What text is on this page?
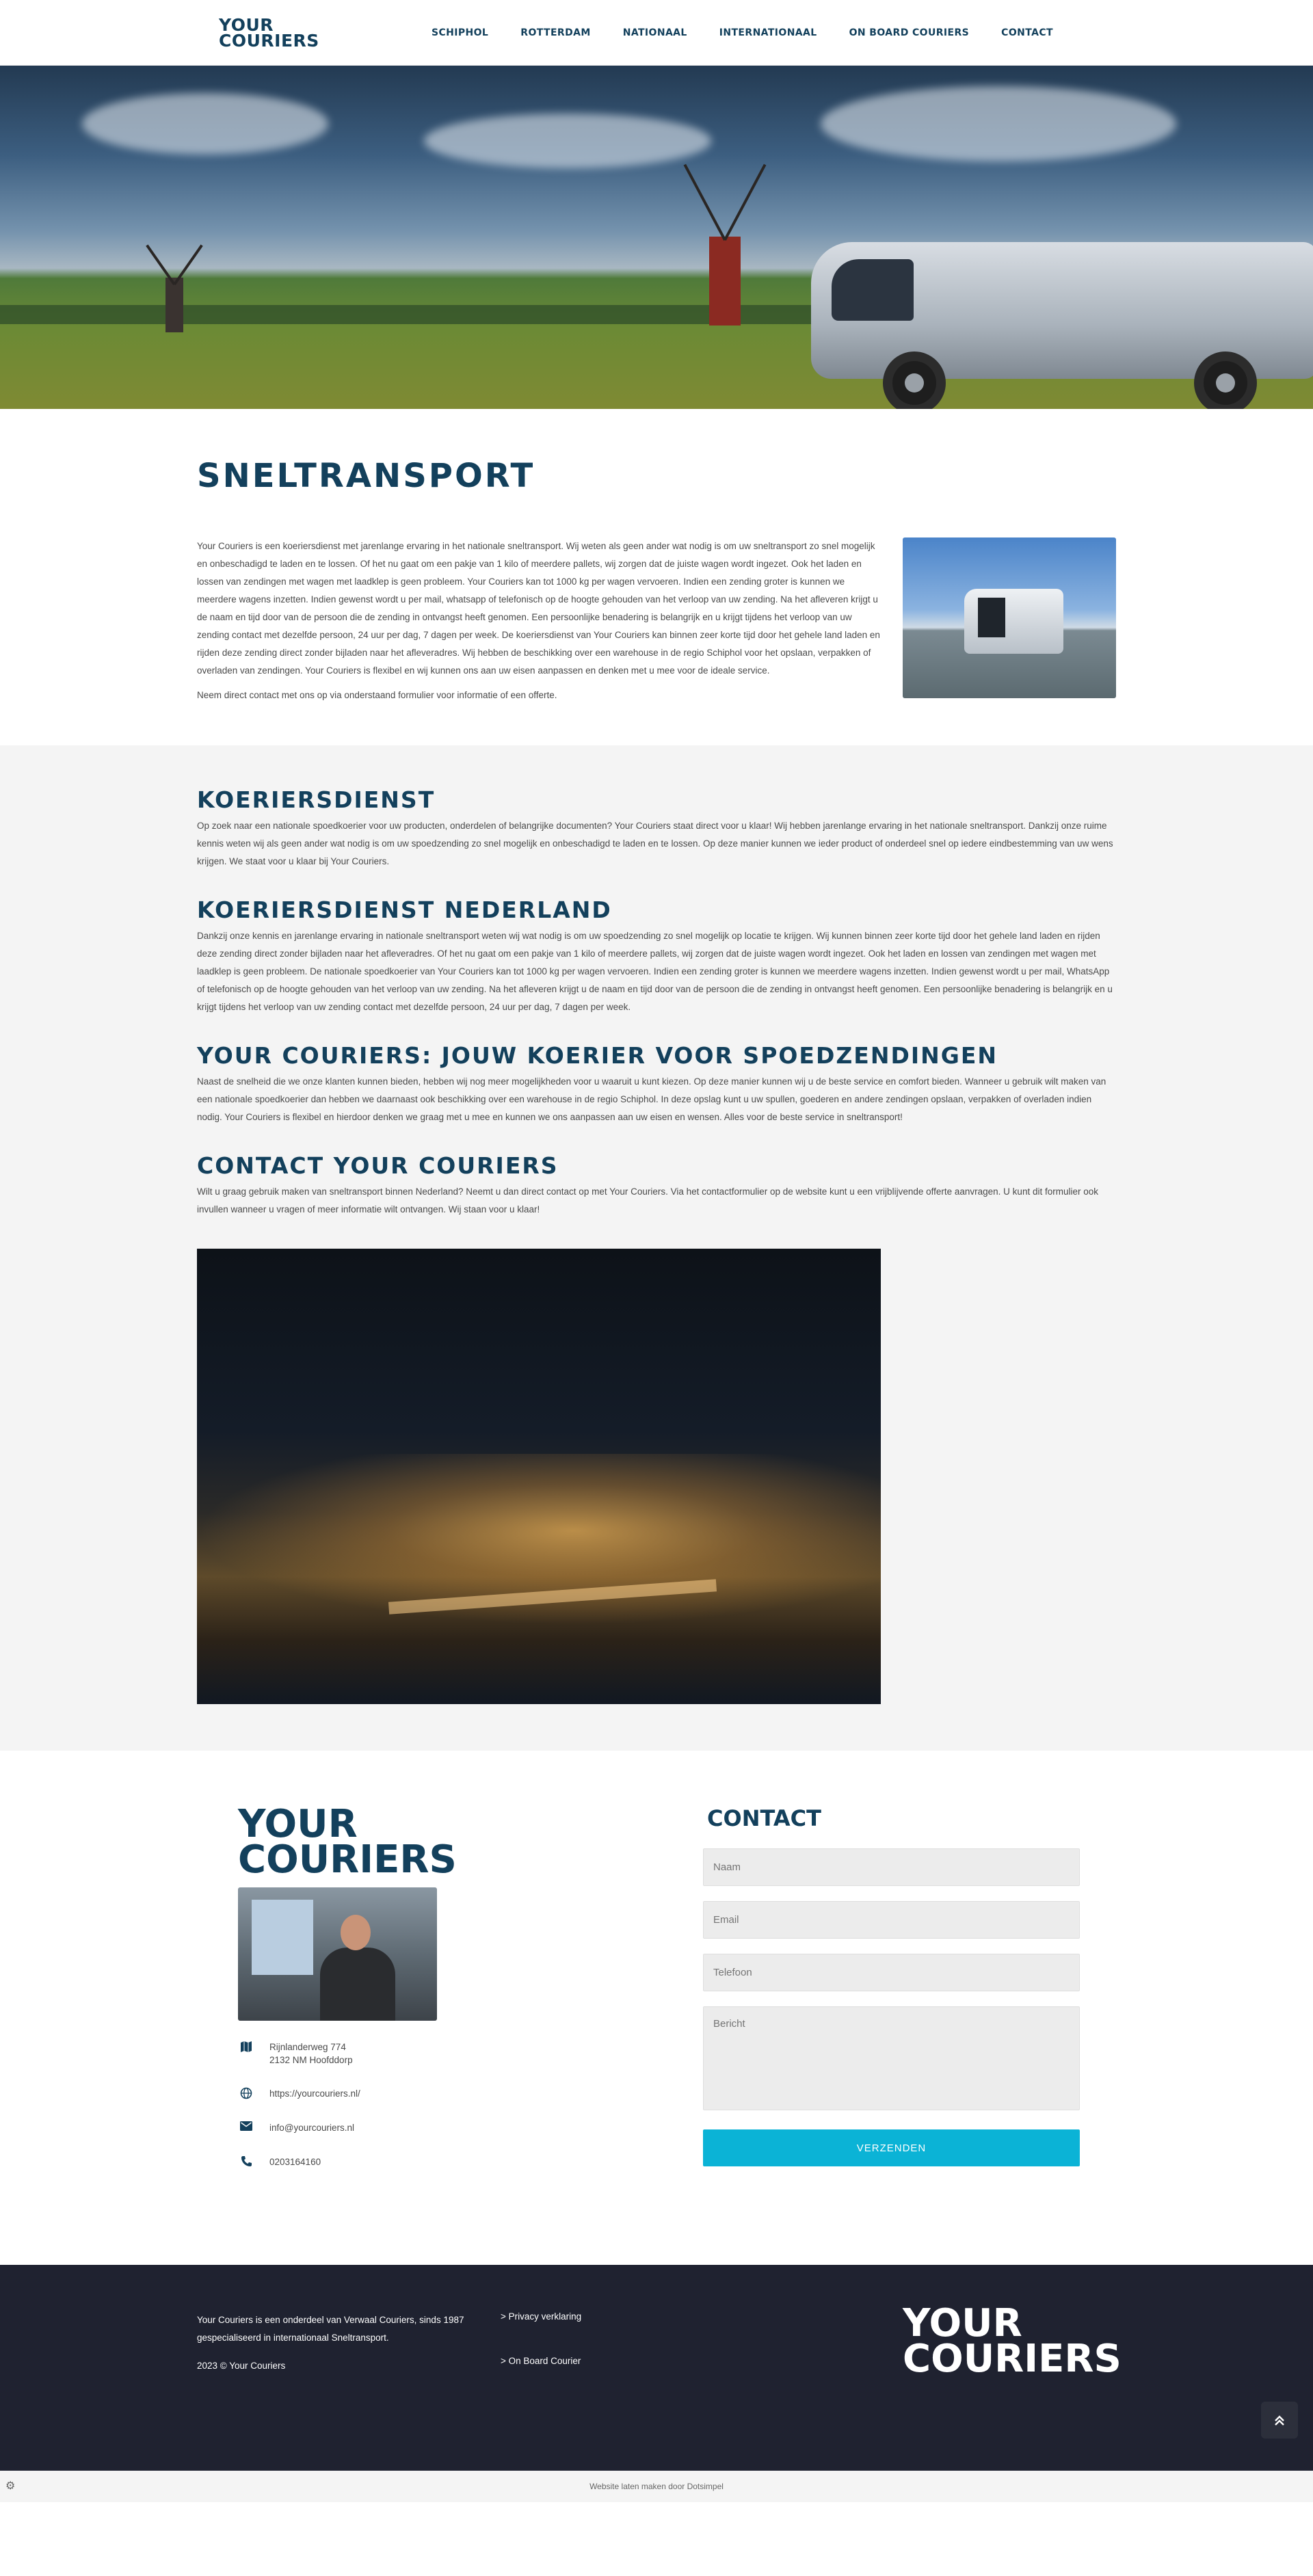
YOUR
COURIERS	SCHIPHOL	ROTTERDAM	NATIONAAL	INTERNATIONAAL	ON BOARD COURIERS	CONTACT
SNELTRANSPORT

Your Couriers is een koeriersdienst met jarenlange ervaring in het nationale sneltransport. Wij weten als geen ander wat nodig is om uw sneltransport zo snel mogelijk en onbeschadigd te laden en te lossen. Of het nu gaat om een pakje van 1 kilo of meerdere pallets, wij zorgen dat de juiste wagen wordt ingezet. Ook het laden en lossen van zendingen met wagen met laadklep is geen probleem. Your Couriers kan tot 1000 kg per wagen vervoeren. Indien een zending groter is kunnen we meerdere wagens inzetten. Indien gewenst wordt u per mail, whatsapp of telefonisch op de hoogte gehouden van het verloop van uw zending. Na het afleveren krijgt u de naam en tijd door van de persoon die de zending in ontvangst heeft genomen. Een persoonlijke benadering is belangrijk en u krijgt tijdens het verloop van uw zending contact met dezelfde persoon, 24 uur per dag, 7 dagen per week. De koeriersdienst van Your Couriers kan binnen zeer korte tijd door het gehele land laden en rijden deze zending direct zonder bijladen naar het afleveradres. Wij hebben de beschikking over een warehouse in de regio Schiphol voor het opslaan, verpakken of overladen van zendingen. Your Couriers is flexibel en wij kunnen ons aan uw eisen aanpassen en denken met u mee voor de ideale service.

Neem direct contact met ons op via onderstaand formulier voor informatie of een offerte.

KOERIERSDIENST

Op zoek naar een nationale spoedkoerier voor uw producten, onderdelen of belangrijke documenten? Your Couriers staat direct voor u klaar! Wij hebben jarenlange ervaring in het nationale sneltransport. Dankzij onze ruime kennis weten wij als geen ander wat nodig is om uw spoedzending zo snel mogelijk en onbeschadigd te laden en te lossen. Op deze manier kunnen we ieder product of onderdeel snel op iedere eindbestemming van uw wens krijgen. We staat voor u klaar bij Your Couriers.

KOERIERSDIENST NEDERLAND

Dankzij onze kennis en jarenlange ervaring in nationale sneltransport weten wij wat nodig is om uw spoedzending zo snel mogelijk op locatie te krijgen. Wij kunnen binnen zeer korte tijd door het gehele land laden en rijden deze zending direct zonder bijladen naar het afleveradres. Of het nu gaat om een pakje van 1 kilo of meerdere pallets, wij zorgen dat de juiste wagen wordt ingezet. Ook het laden en lossen van zendingen met wagen met laadklep is geen probleem. De nationale spoedkoerier van Your Couriers kan tot 1000 kg per wagen vervoeren. Indien een zending groter is kunnen we meerdere wagens inzetten. Indien gewenst wordt u per mail, WhatsApp of telefonisch op de hoogte gehouden van het verloop van uw zending. Na het afleveren krijgt u de naam en tijd door van de persoon die de zending in ontvangst heeft genomen. Een persoonlijke benadering is belangrijk en u krijgt tijdens het verloop van uw zending contact met dezelfde persoon, 24 uur per dag, 7 dagen per week.

YOUR COURIERS: JOUW KOERIER VOOR SPOEDZENDINGEN

Naast de snelheid die we onze klanten kunnen bieden, hebben wij nog meer mogelijkheden voor u waaruit u kunt kiezen. Op deze manier kunnen wij u de beste service en comfort bieden. Wanneer u gebruik wilt maken van een nationale spoedkoerier dan hebben we daarnaast ook beschikking over een warehouse in de regio Schiphol. In deze opslag kunt u uw spullen, goederen en andere zendingen opslaan, verpakken of overladen indien nodig. Your Couriers is flexibel en hierdoor denken we graag met u mee en kunnen we ons aanpassen aan uw eisen en wensen. Alles voor de beste service in sneltransport!

CONTACT YOUR COURIERS

Wilt u graag gebruik maken van sneltransport binnen Nederland? Neemt u dan direct contact op met Your Couriers. Via het contactformulier op de website kunt u een vrijblijvende offerte aanvragen. U kunt dit formulier ook invullen wanneer u vragen of meer informatie wilt ontvangen. Wij staan voor u klaar!

YOUR
COURIERS
Rijnlanderweg 774
2132 NM Hoofddorp
https://yourcouriers.nl/
info@yourcouriers.nl
0203164160
CONTACT
Naam
Email
Telefoon
Bericht VERZENDEN

Your Couriers is een onderdeel van Verwaal Couriers, sinds 1987 gespecialiseerd in internationaal Sneltransport.

2023 © Your Couriers

> Privacy verklaring
> On Board Courier
YOUR
COURIERS
⚙	Website laten maken door Dotsimpel
